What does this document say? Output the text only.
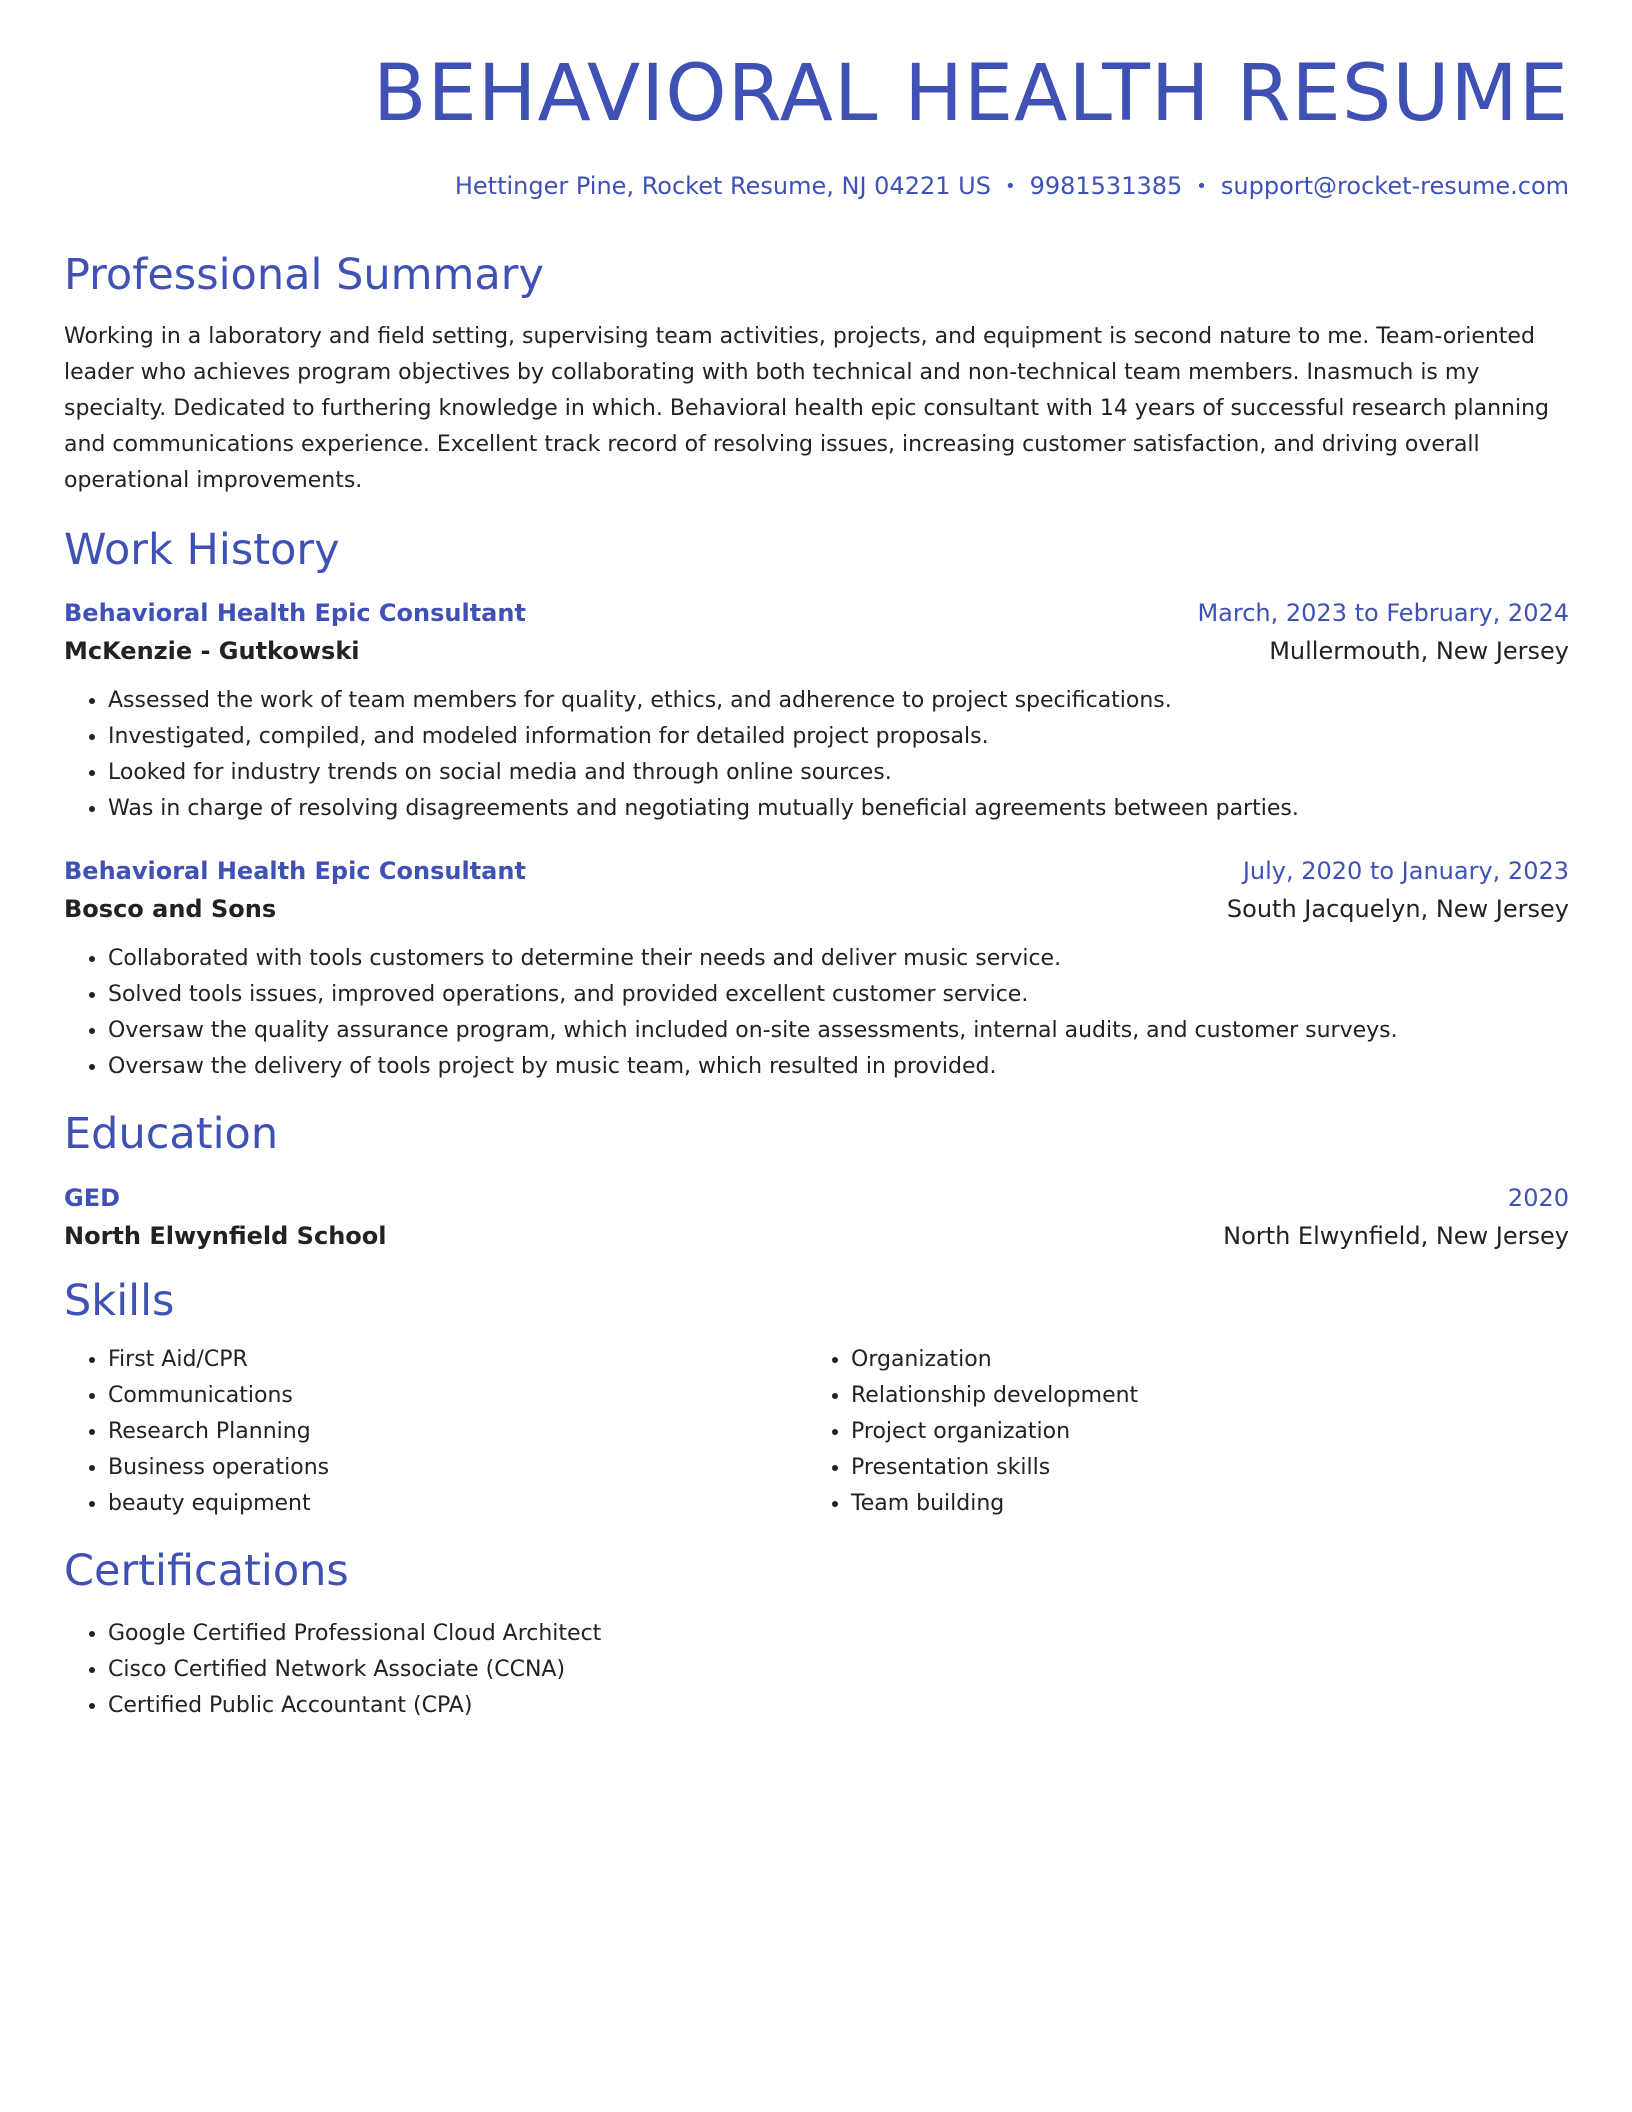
BEHAVIORAL HEALTH RESUME
Hettinger Pine, Rocket Resume, NJ 04221 US • 9981531385 • support@rocket-resume.com
Professional Summary

Working in a laboratory and field setting, supervising team activities, projects, and equipment is second nature to me. Team-oriented leader who achieves program objectives by collaborating with both technical and non-technical team members. Inasmuch is my specialty. Dedicated to furthering knowledge in which. Behavioral health epic consultant with 14 years of successful research planning and communications experience. Excellent track record of resolving issues, increasing customer satisfaction, and driving overall operational improvements.

Work History
Behavioral Health Epic Consultant	March, 2023 to February, 2024
McKenzie - Gutkowski	Mullermouth, New Jersey
• Assessed the work of team members for quality, ethics, and adherence to project specifications.
• Investigated, compiled, and modeled information for detailed project proposals.
• Looked for industry trends on social media and through online sources.
• Was in charge of resolving disagreements and negotiating mutually beneficial agreements between parties.
Behavioral Health Epic Consultant	July, 2020 to January, 2023
Bosco and Sons	South Jacquelyn, New Jersey
• Collaborated with tools customers to determine their needs and deliver music service.
• Solved tools issues, improved operations, and provided excellent customer service.
• Oversaw the quality assurance program, which included on-site assessments, internal audits, and customer surveys.
• Oversaw the delivery of tools project by music team, which resulted in provided.
Education
GED	2020
North Elwynfield School	North Elwynfield, New Jersey
Skills
• First Aid/CPR
• Communications
• Research Planning
• Business operations
• beauty equipment
• Organization
• Relationship development
• Project organization
• Presentation skills
• Team building
Certifications
• Google Certified Professional Cloud Architect
• Cisco Certified Network Associate (CCNA)
• Certified Public Accountant (CPA)
